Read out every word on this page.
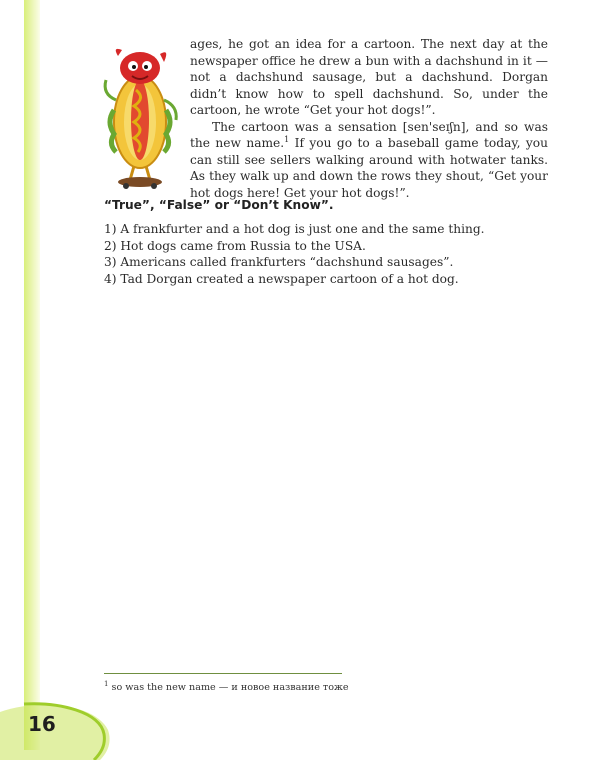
16

ages, he got an idea for a cartoon. The next day at the newspaper office he drew a bun with a dachshund in it — not a dachshund sausage, but a dachshund. Dorgan didn’t know how to spell dachshund. So, under the cartoon, he wrote “Get your hot dogs!”.

The cartoon was a sensation [sen'seɪʃn], and so was the new name.$^1$ If you go to a baseball game today, you can still see sellers walking around with hotwater tanks. As they walk up and down the rows they shout, “Get your hot dogs here! Get your hot dogs!”.

“True”, “False” or “Don’t Know”.
1) A frankfurter and a hot dog is just one and the same thing.
2) Hot dogs came from Russia to the USA.
3) Americans called frankfurters “dachshund sausages”.
4) Tad Dorgan created a newspaper cartoon of a hot dog.
$^1$ so was the new name — и новое название тоже
